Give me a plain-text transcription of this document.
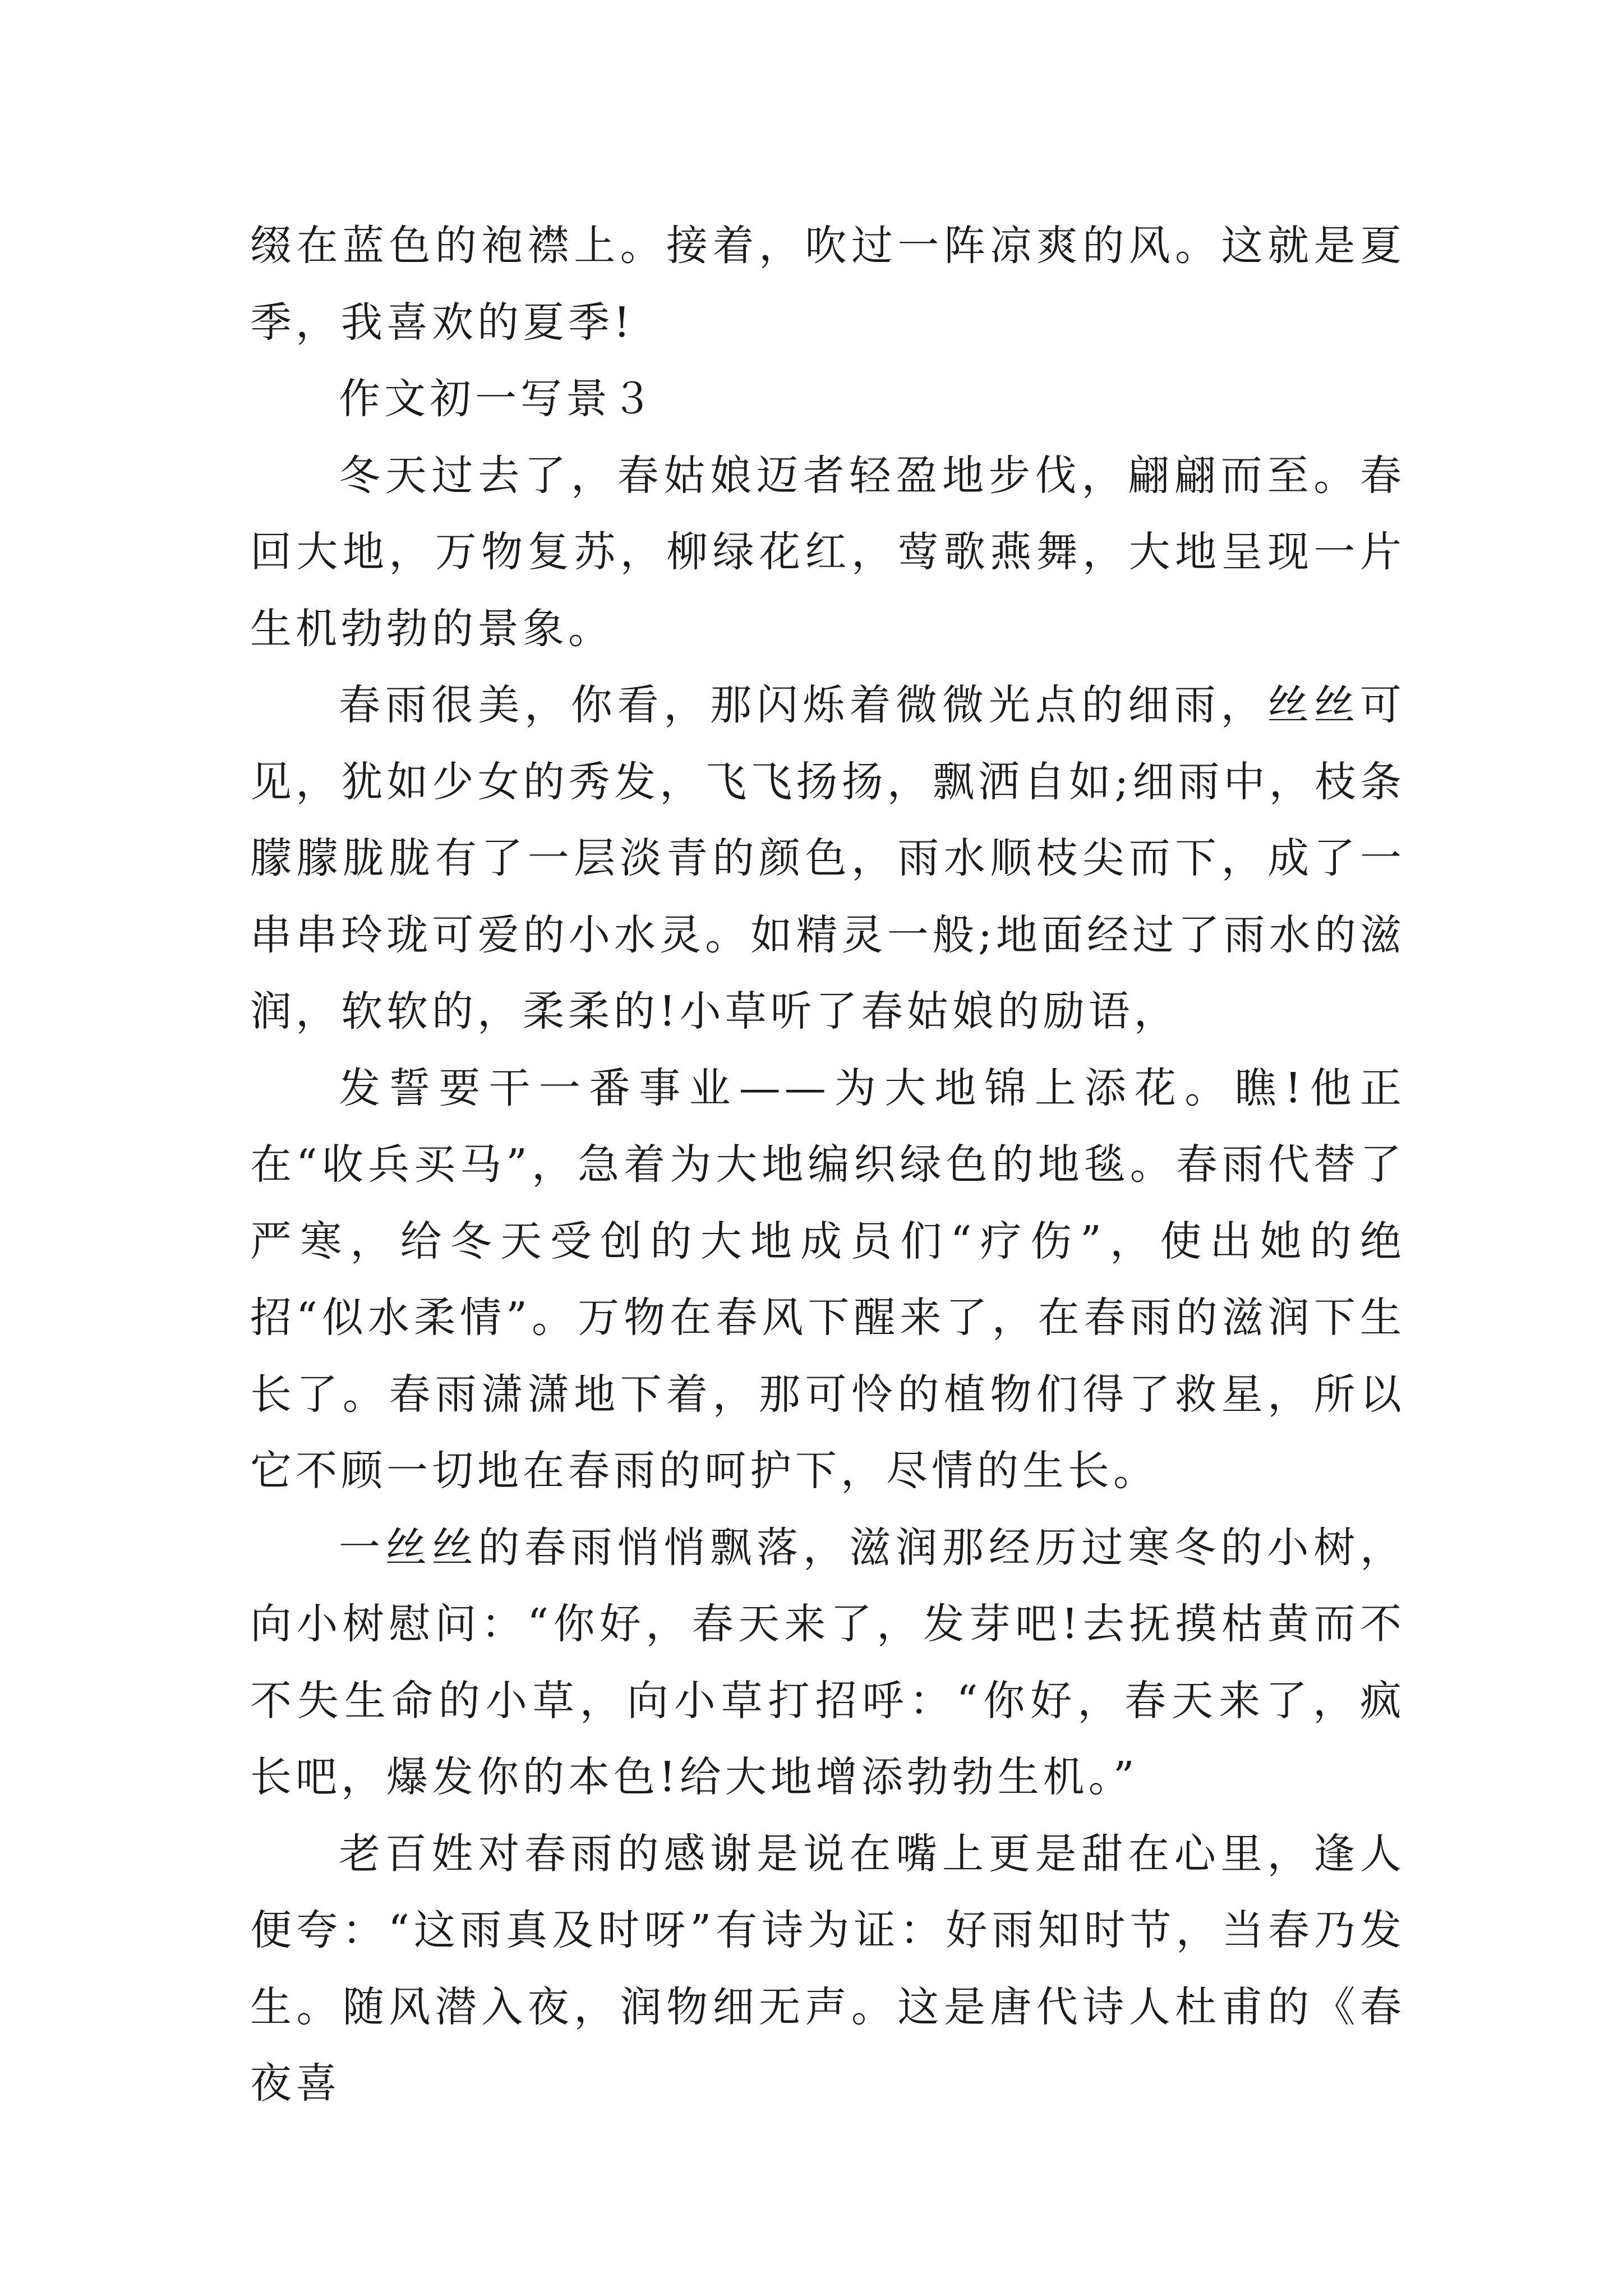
缀在蓝色的袍襟上。接着，吹过一阵凉爽的风。这就是夏季，我喜欢的夏季!

作文初一写景３

冬天过去了，春姑娘迈者轻盈地步伐，翩翩而至。春回大地，万物复苏，柳绿花红，莺歌燕舞，大地呈现一片生机勃勃的景象。

春雨很美，你看，那闪烁着微微光点的细雨，丝丝可见，犹如少女的秀发，飞飞扬扬，飘洒自如;细雨中，枝条朦朦胧胧有了一层淡青的颜色，雨水顺枝尖而下，成了一串串玲珑可爱的小水灵。如精灵一般;地面经过了雨水的滋润，软软的，柔柔的!小草听了春姑娘的励语，

发誓要干一番事业——为大地锦上添花。瞧!他正在“收兵买马”，急着为大地编织绿色的地毯。春雨代替了严寒，给冬天受创的大地成员们“疗伤”，使出她的绝招“似水柔情”。万物在春风下醒来了，在春雨的滋润下生长了。春雨潇潇地下着，那可怜的植物们得了救星，所以它不顾一切地在春雨的呵护下，尽情的生长。

一丝丝的春雨悄悄飘落，滋润那经历过寒冬的小树，向小树慰问：“你好，春天来了，发芽吧!去抚摸枯黄而不不失生命的小草，向小草打招呼：“你好，春天来了，疯长吧，爆发你的本色!给大地增添勃勃生机。”

老百姓对春雨的感谢是说在嘴上更是甜在心里，逢人便夸：“这雨真及时呀”有诗为证：好雨知时节，当春乃发生。随风潜入夜，润物细无声。这是唐代诗人杜甫的《春夜喜
